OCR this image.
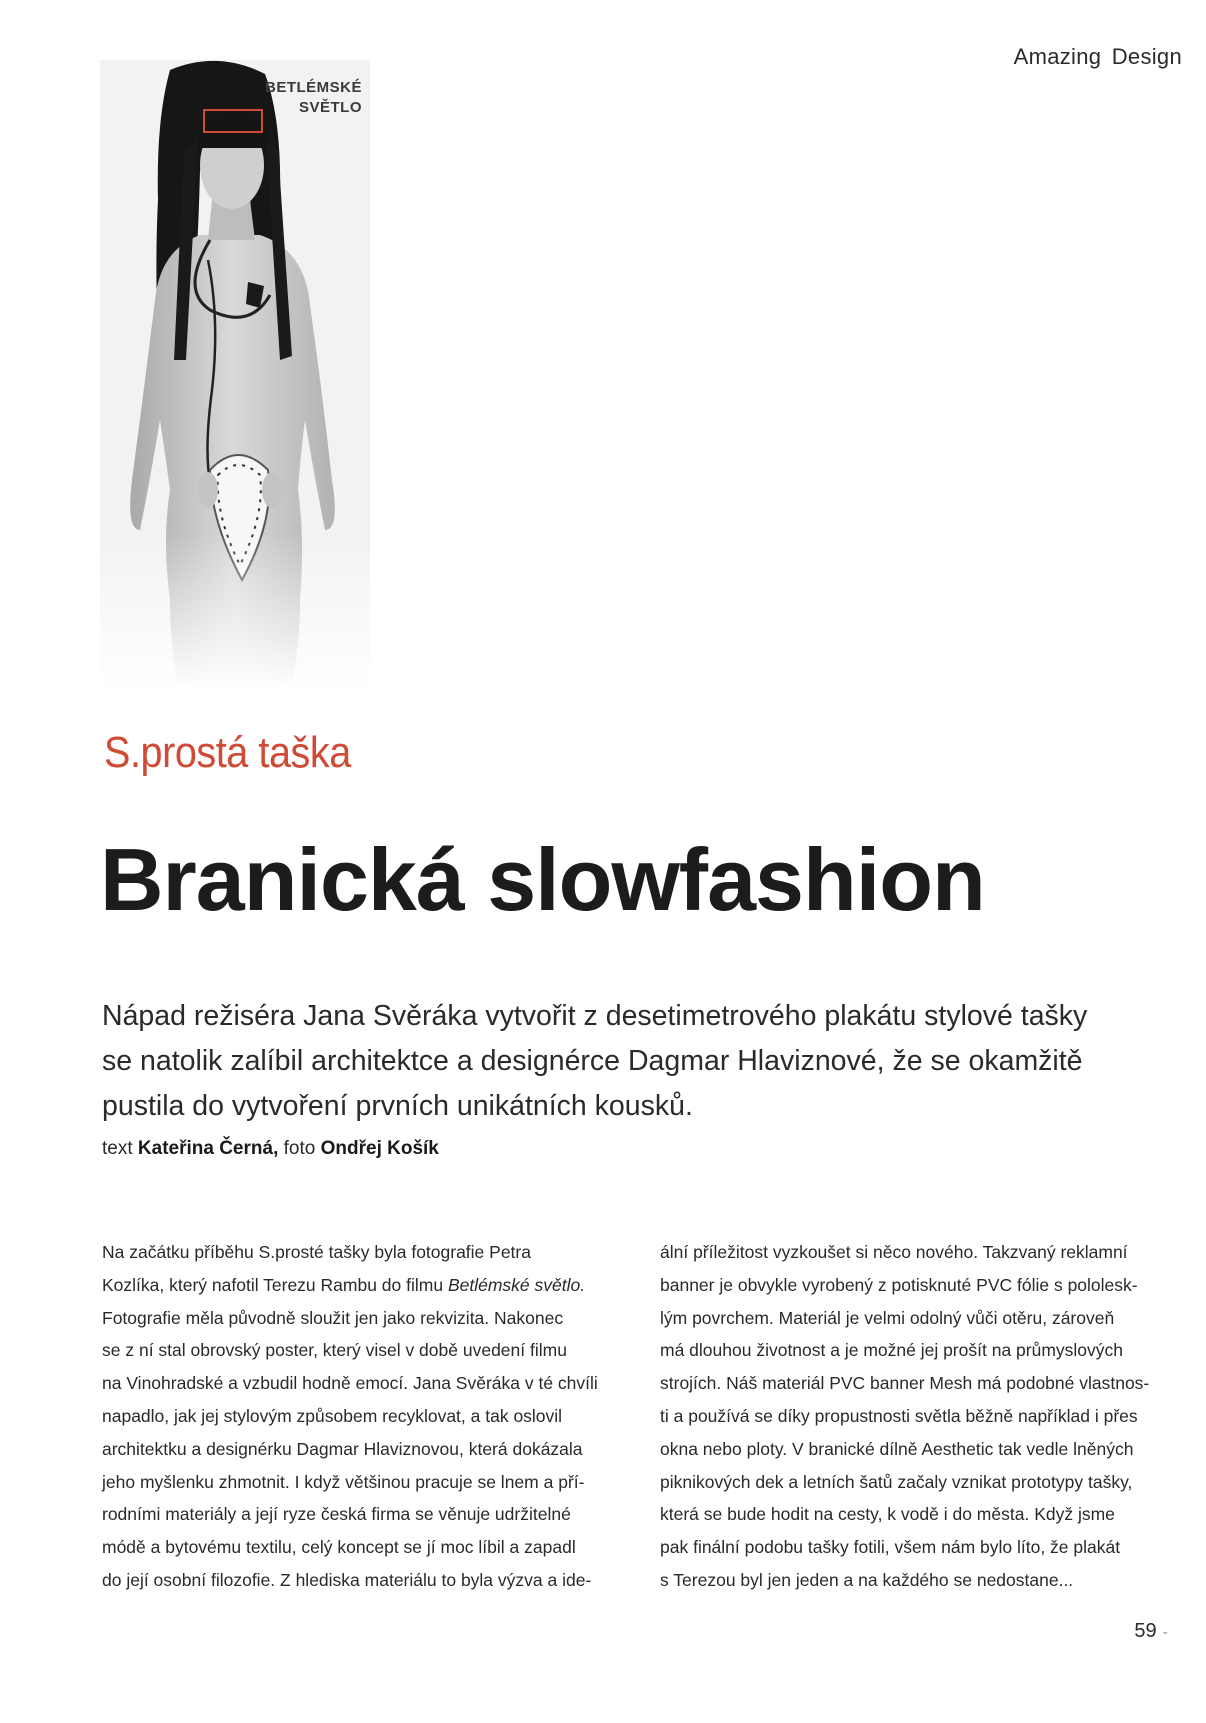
Amazing Design
BETLÉMSKÉ
SVĚTLO
S.prostá taška
Branická slowfashion

Nápad režiséra Jana Svěráka vytvořit z desetimetrového plakátu stylové tašky se natolik zalíbil architektce a designérce Dagmar Hlaviznové, že se okamžitě pustila do vytvoření prvních unikátních kousků.

text Kateřina Černá, foto Ondřej Košík
Na začátku příběhu S.prosté tašky byla fotografie Petra
Kozlíka, který nafotil Terezu Rambu do filmu Betlémské světlo.
Fotografie měla původně sloužit jen jako rekvizita. Nakonec
se z ní stal obrovský poster, který visel v době uvedení filmu
na Vinohradské a vzbudil hodně emocí. Jana Svěráka v té chvíli
napadlo, jak jej stylovým způsobem recyklovat, a tak oslovil
architektku a designérku Dagmar Hlaviznovou, která dokázala
jeho myšlenku zhmotnit. I když většinou pracuje se lnem a pří-
rodními materiály a její ryze česká firma se věnuje udržitelné
módě a bytovému textilu, celý koncept se jí moc líbil a zapadl
do její osobní filozofie. Z hlediska materiálu to byla výzva a ide-
ální příležitost vyzkoušet si něco nového. Takzvaný reklamní
banner je obvykle vyrobený z potisknuté PVC fólie s pololesk-
lým povrchem. Materiál je velmi odolný vůči otěru, zároveň
má dlouhou životnost a je možné jej prošít na průmyslových
strojích. Náš materiál PVC banner Mesh má podobné vlastnos-
ti a používá se díky propustnosti světla běžně například i přes
okna nebo ploty. V branické dílně Aesthetic tak vedle lněných
piknikových dek a letních šatů začaly vznikat prototypy tašky,
která se bude hodit na cesty, k vodě i do města. Když jsme
pak finální podobu tašky fotili, všem nám bylo líto, že plakát
s Terezou byl jen jeden a na každého se nedostane...
59 -
